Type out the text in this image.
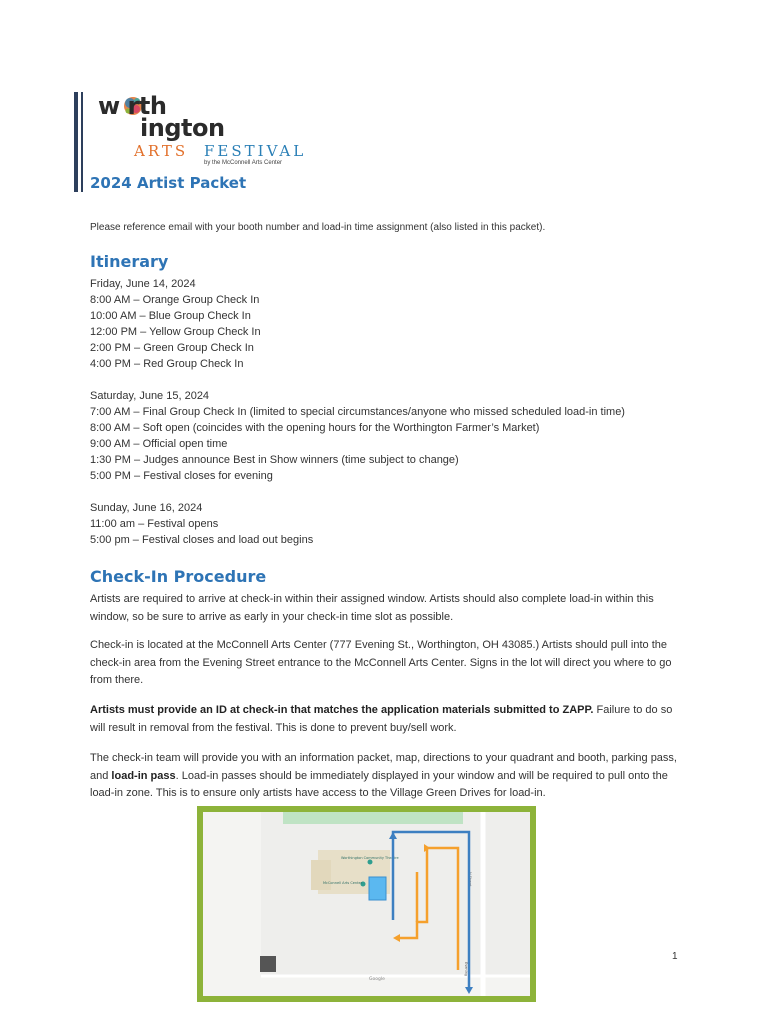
w rth
ington
ARTS FESTIVAL
by the McConnell Arts Center
2024 Artist Packet
Please reference email with your booth number and load-in time assignment (also listed in this packet).
Itinerary
Friday, June 14, 2024
8:00 AM – Orange Group Check In
10:00 AM – Blue Group Check In
12:00 PM – Yellow Group Check In
2:00 PM – Green Group Check In
4:00 PM – Red Group Check In
Saturday, June 15, 2024
7:00 AM – Final Group Check In (limited to special circumstances/anyone who missed scheduled load-in time)
8:00 AM – Soft open (coincides with the opening hours for the Worthington Farmer’s Market)
9:00 AM – Official open time
1:30 PM – Judges announce Best in Show winners (time subject to change)
5:00 PM – Festival closes for evening
Sunday, June 16, 2024
11:00 am – Festival opens
5:00 pm – Festival closes and load out begins
Check-In Procedure
Artists are required to arrive at check-in within their assigned window. Artists should also complete load-in within this window, so be sure to arrive as early in your check-in time slot as possible.
Check-in is located at the McConnell Arts Center (777 Evening St., Worthington, OH 43085.) Artists should pull into the check-in area from the Evening Street entrance to the McConnell Arts Center. Signs in the lot will direct you where to go from there.
Artists must provide an ID at check-in that matches the application materials submitted to ZAPP. Failure to do so will result in removal from the festival. This is done to prevent buy/sell work.
The check-in team will provide you with an information packet, map, directions to your quadrant and booth, parking pass, and load-in pass. Load-in passes should be immediately displayed in your window and will be required to pull onto the load-in zone. This is to ensure only artists have access to the Village Green Drives for load-in.
Worthington Community Theatre
McConnell Arts Center	N Street
Evening
Google
1
